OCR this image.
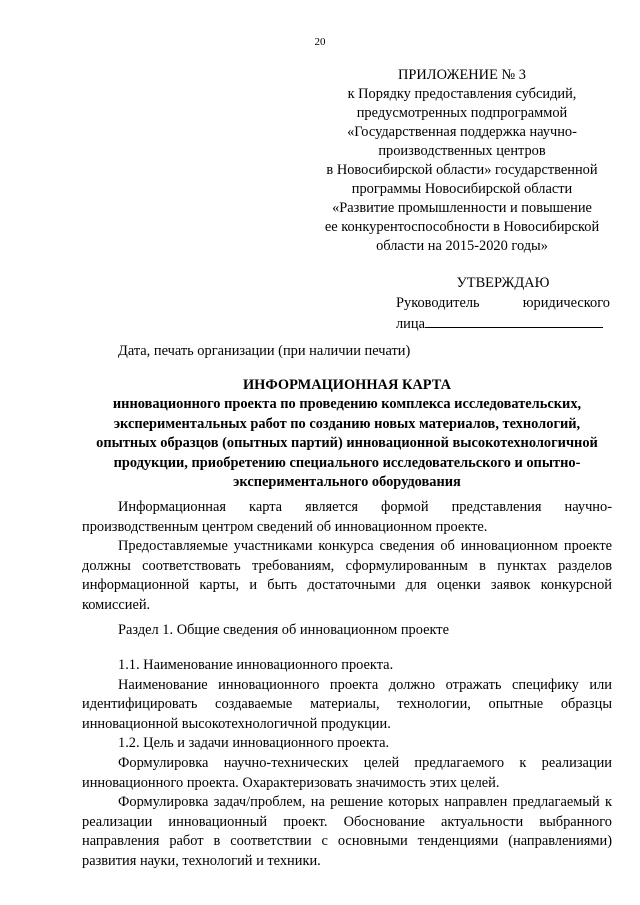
20
ПРИЛОЖЕНИЕ № 3
к Порядку предоставления субсидий,
предусмотренных подпрограммой
«Государственная поддержка научно-
производственных центров
в Новосибирской области» государственной
программы Новосибирской области
«Развитие промышленности и повышение
ее конкурентоспособности в Новосибирской
области на 2015-2020 годы»
УТВЕРЖДАЮ
Руководитель	юридического
лица
Дата, печать организации (при наличии печати)
ИНФОРМАЦИОННАЯ КАРТА
инновационного проекта по проведению комплекса исследовательских,
экспериментальных работ по созданию новых материалов, технологий,
опытных образцов (опытных партий) инновационной высокотехнологичной
продукции, приобретению специального исследовательского и опытно-
экспериментального оборудования

Информационная карта является формой представления научно-производственным центром сведений об инновационном проекте.

Предоставляемые участниками конкурса сведения об инновационном проекте должны соответствовать требованиям, сформулированным в пунктах разделов информационной карты, и быть достаточными для оценки заявок конкурсной комиссией.

Раздел 1. Общие сведения об инновационном проекте

1.1. Наименование инновационного проекта.

Наименование инновационного проекта должно отражать специфику или идентифицировать создаваемые материалы, технологии, опытные образцы инновационной высокотехнологичной продукции.

1.2. Цель и задачи инновационного проекта.

Формулировка научно-технических целей предлагаемого к реализации инновационного проекта. Охарактеризовать значимость этих целей.

Формулировка задач/проблем, на решение которых направлен предлагаемый к реализации инновационный проект. Обоснование актуальности выбранного направления работ в соответствии с основными тенденциями (направлениями) развития науки, технологий и техники.
